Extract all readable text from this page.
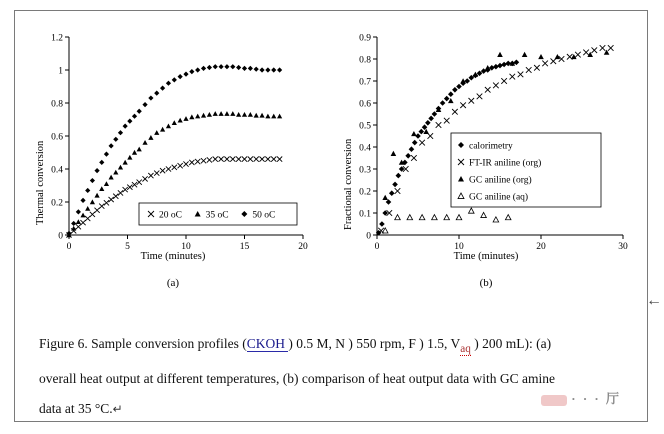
0
0.2
0.4
0.6
0.8
1
1.2
0	5	10	15	20
20 oC 35 oC 50 oC
Thermal conversion
Time (minutes)
(a)
0
0.1
0.2
0.3
0.4
0.5
0.6
0.7
0.8
0.9
0	10	20	30
calorimetry
FT-IR aniline (org)
GC aniline (org)
GC aniline (aq)
Fractional conversion
Time (minutes)
(b)
Figure 6. Sample conversion profiles (CKOH ) 0.5 M, N ) 550 rpm, F ) 1.5, $V_{aq}$ ) 200 mL): (a)
overall heat output at different temperatures, (b) comparison of heat output data with GC amine
data at 35 °C.↵
· · · 厅
←
